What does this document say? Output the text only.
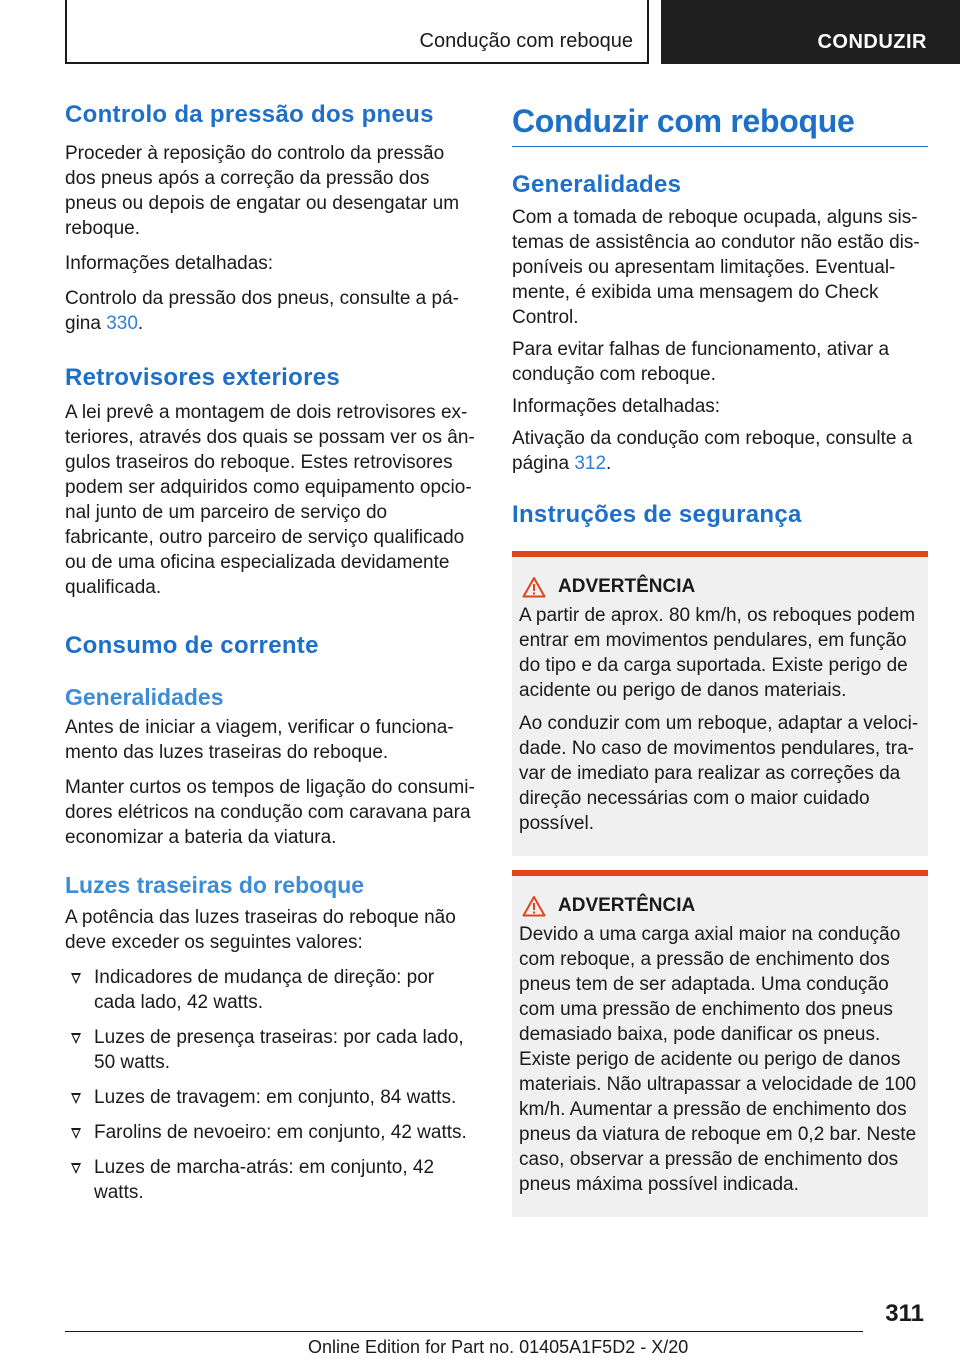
Condução com reboque	CONDUZIR
Controlo da pressão dos pneus

Proceder à reposição do controlo da pressão dos pneus após a correção da pressão dos pneus ou depois de engatar ou desengatar um reboque.

Informações detalhadas:

Controlo da pressão dos pneus, consulte a página 330.

Retrovisores exteriores

A lei prevê a montagem de dois retrovisores exteriores, através dos quais se possam ver os ângulos traseiros do reboque. Estes retrovisores podem ser adquiridos como equipamento opcional junto de um parceiro de serviço do fabricante, outro parceiro de serviço qualificado ou de uma oficina especializada devidamente qualificada.

Consumo de corrente
Generalidades

Antes de iniciar a viagem, verificar o funcionamento das luzes traseiras do reboque.

Manter curtos os tempos de ligação do consumidores elétricos na condução com caravana para economizar a bateria da viatura.

Luzes traseiras do reboque

A potência das luzes traseiras do reboque não deve exceder os seguintes valores:

Indicadores de mudança de direção: por cada lado, 42 watts.
Luzes de presença traseiras: por cada lado, 50 watts.
Luzes de travagem: em conjunto, 84 watts.
Farolins de nevoeiro: em conjunto, 42 watts.
Luzes de marcha-atrás: em conjunto, 42 watts.
Conduzir com reboque
Generalidades

Com a tomada de reboque ocupada, alguns sistemas de assistência ao condutor não estão disponíveis ou apresentam limitações. Eventualmente, é exibida uma mensagem do Check Control.

Para evitar falhas de funcionamento, ativar a condução com reboque.

Informações detalhadas:

Ativação da condução com reboque, consulte a página 312.

Instruções de segurança
ADVERTÊNCIA

A partir de aprox. 80 km/h, os reboques podem entrar em movimentos pendulares, em função do tipo e da carga suportada. Existe perigo de acidente ou perigo de danos materiais.

Ao conduzir com um reboque, adaptar a velocidade. No caso de movimentos pendulares, travar de imediato para realizar as correções da direção necessárias com o maior cuidado possível.

ADVERTÊNCIA

Devido a uma carga axial maior na condução com reboque, a pressão de enchimento dos pneus tem de ser adaptada. Uma condução com uma pressão de enchimento dos pneus demasiado baixa, pode danificar os pneus. Existe perigo de acidente ou perigo de danos materiais. Não ultrapassar a velocidade de 100 km/h. Aumentar a pressão de enchimento dos pneus da viatura de reboque em 0,2 bar. Neste caso, observar a pressão de enchimento dos pneus máxima possível indicada.

311
Online Edition for Part no. 01405A1F5D2 - X/20
